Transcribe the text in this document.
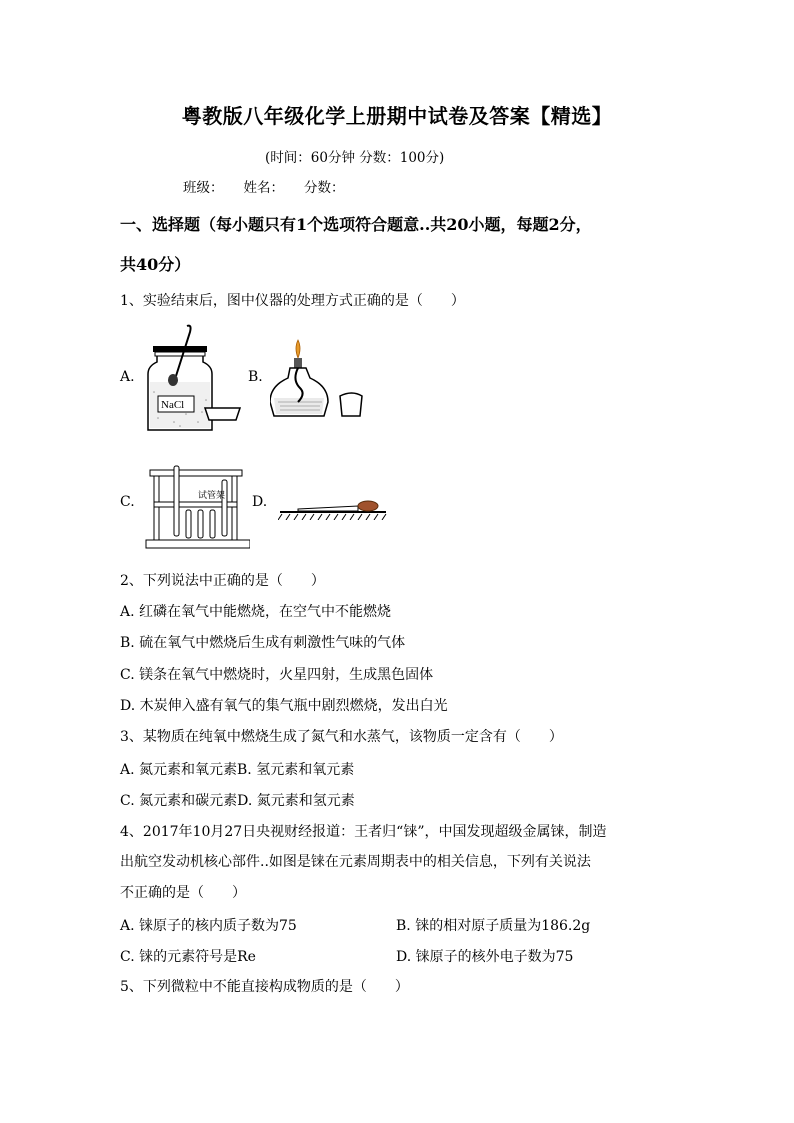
粤教版八年级化学上册期中试卷及答案【精选】
(时间：60分钟 分数：100分)
班级： 姓名： 分数：
一、选择题（每小题只有1个选项符合题意..共20小题，每题2分，
共40分）
1、实验结束后，图中仪器的处理方式正确的是（　　）
A.
NaCl
B.
C.	试管架 D.
2、下列说法中正确的是（　　）
A. 红磷在氧气中能燃烧，在空气中不能燃烧
B. 硫在氧气中燃烧后生成有刺激性气味的气体
C. 镁条在氧气中燃烧时，火星四射，生成黑色固体
D. 木炭伸入盛有氧气的集气瓶中剧烈燃烧，发出白光
3、某物质在纯氧中燃烧生成了氮气和水蒸气，该物质一定含有（　　）
A. 氮元素和氧元素B. 氢元素和氧元素
C. 氮元素和碳元素D. 氮元素和氢元素
4、2017年10月27日央视财经报道：王者归“铼”，中国发现超级金属铼，制造
出航空发动机核心部件..如图是铼在元素周期表中的相关信息，下列有关说法
不正确的是（　　）
A. 铼原子的核内质子数为75	B. 铼的相对原子质量为186.2g
C. 铼的元素符号是Re	D. 铼原子的核外电子数为75
5、下列微粒中不能直接构成物质的是（　　）
